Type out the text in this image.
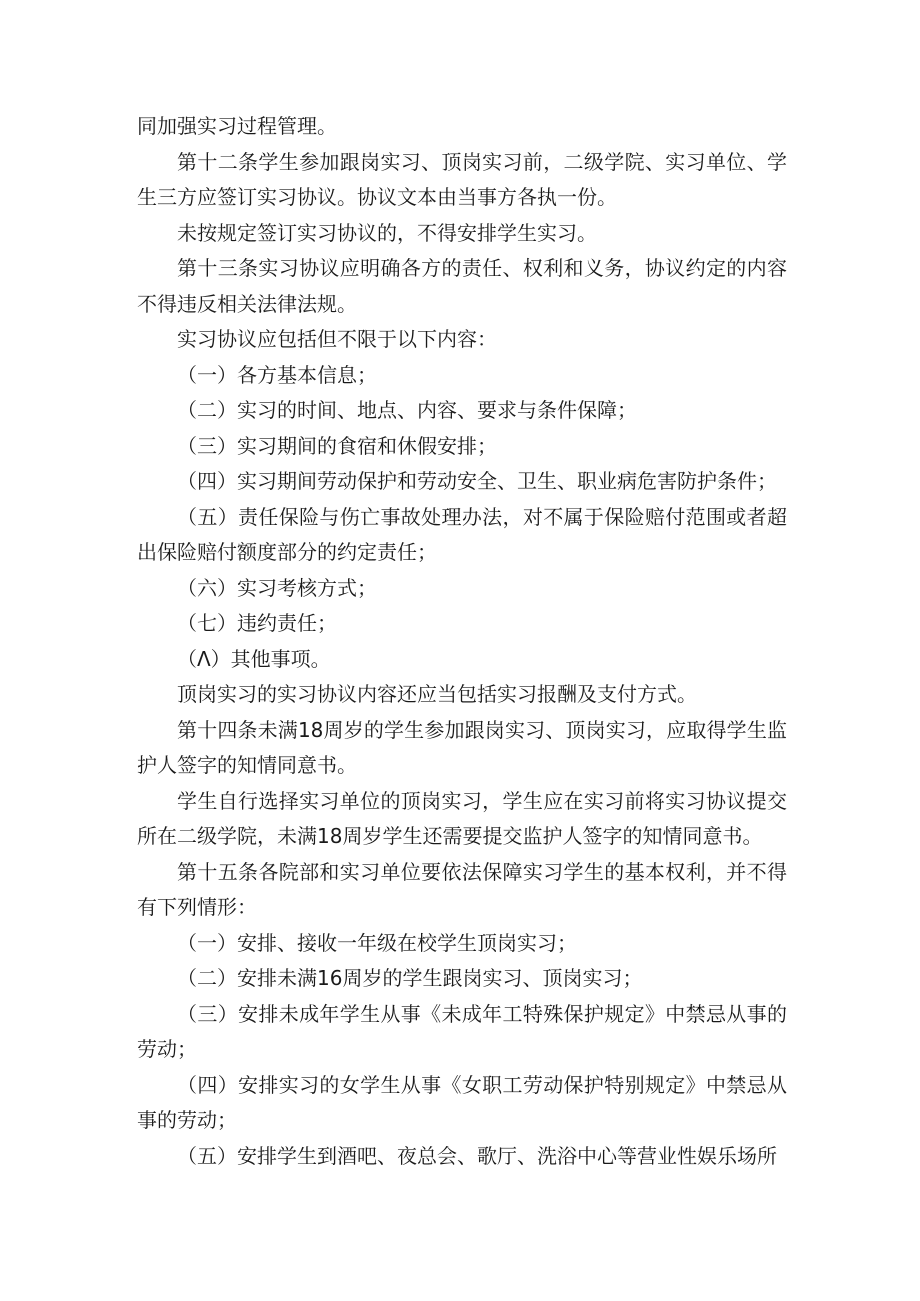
同加强实习过程管理。

第十二条学生参加跟岗实习、顶岗实习前，二级学院、实习单位、学生三方应签订实习协议。协议文本由当事方各执一份。

未按规定签订实习协议的，不得安排学生实习。

第十三条实习协议应明确各方的责任、权利和义务，协议约定的内容不得违反相关法律法规。

实习协议应包括但不限于以下内容：

（一）各方基本信息；

（二）实习的时间、地点、内容、要求与条件保障；

（三）实习期间的食宿和休假安排；

（四）实习期间劳动保护和劳动安全、卫生、职业病危害防护条件；

（五）责任保险与伤亡事故处理办法，对不属于保险赔付范围或者超出保险赔付额度部分的约定责任；

（六）实习考核方式；

（七）违约责任；

（Λ）其他事项。

顶岗实习的实习协议内容还应当包括实习报酬及支付方式。

第十四条未满18周岁的学生参加跟岗实习、顶岗实习，应取得学生监护人签字的知情同意书。

学生自行选择实习单位的顶岗实习，学生应在实习前将实习协议提交所在二级学院，未满18周岁学生还需要提交监护人签字的知情同意书。

第十五条各院部和实习单位要依法保障实习学生的基本权利，并不得有下列情形：

（一）安排、接收一年级在校学生顶岗实习；

（二）安排未满16周岁的学生跟岗实习、顶岗实习；

（三）安排未成年学生从事《未成年工特殊保护规定》中禁忌从事的劳动；

（四）安排实习的女学生从事《女职工劳动保护特别规定》中禁忌从事的劳动；

（五）安排学生到酒吧、夜总会、歌厅、洗浴中心等营业性娱乐场所
